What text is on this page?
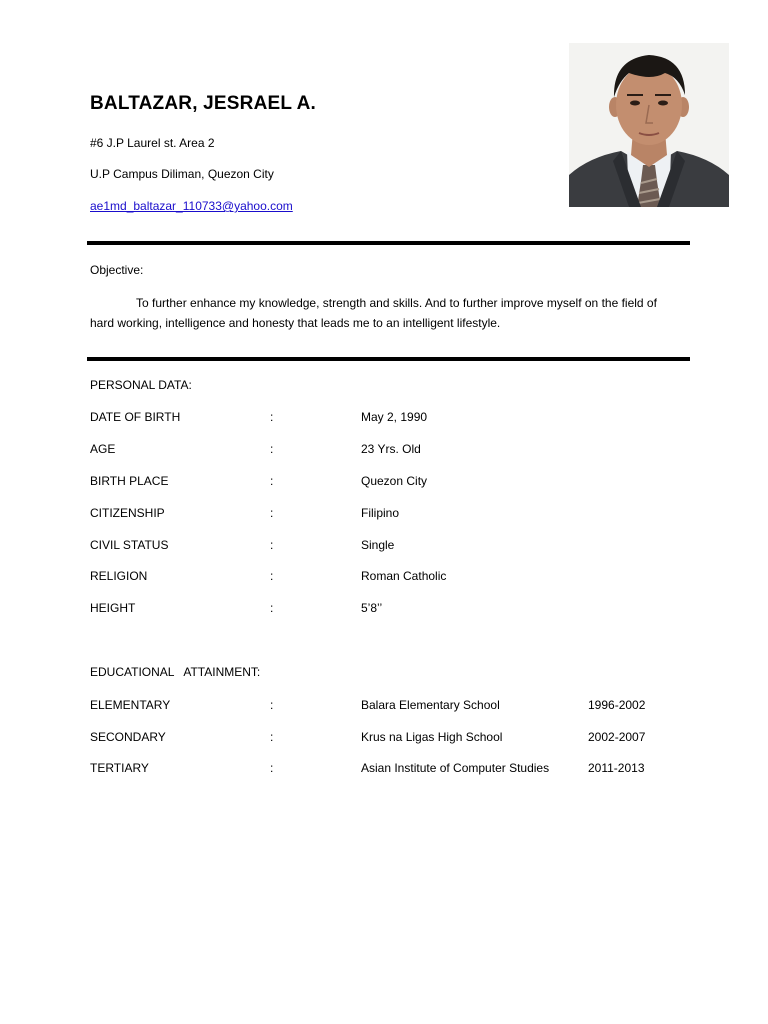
BALTAZAR, JESRAEL A.
#6 J.P Laurel st. Area 2
U.P Campus Diliman, Quezon City
ae1md_baltazar_110733@yahoo.com
Objective:
To further enhance my knowledge, strength and skills. And to further improve myself on the field of hard working, intelligence and honesty that leads me to an intelligent lifestyle.
PERSONAL DATA:
DATE OF BIRTH	:	May 2, 1990
AGE	:	23 Yrs. Old
BIRTH PLACE	:	Quezon City
CITIZENSHIP	:	Filipino
CIVIL STATUS	:	Single
RELIGION	:	Roman Catholic
HEIGHT	:	5’8’’
EDUCATIONAL   ATTAINMENT:
ELEMENTARY	:	Balara Elementary School	1996-2002
SECONDARY	:	Krus na Ligas High School	2002-2007
TERTIARY	:	Asian Institute of Computer Studies	2011-2013
